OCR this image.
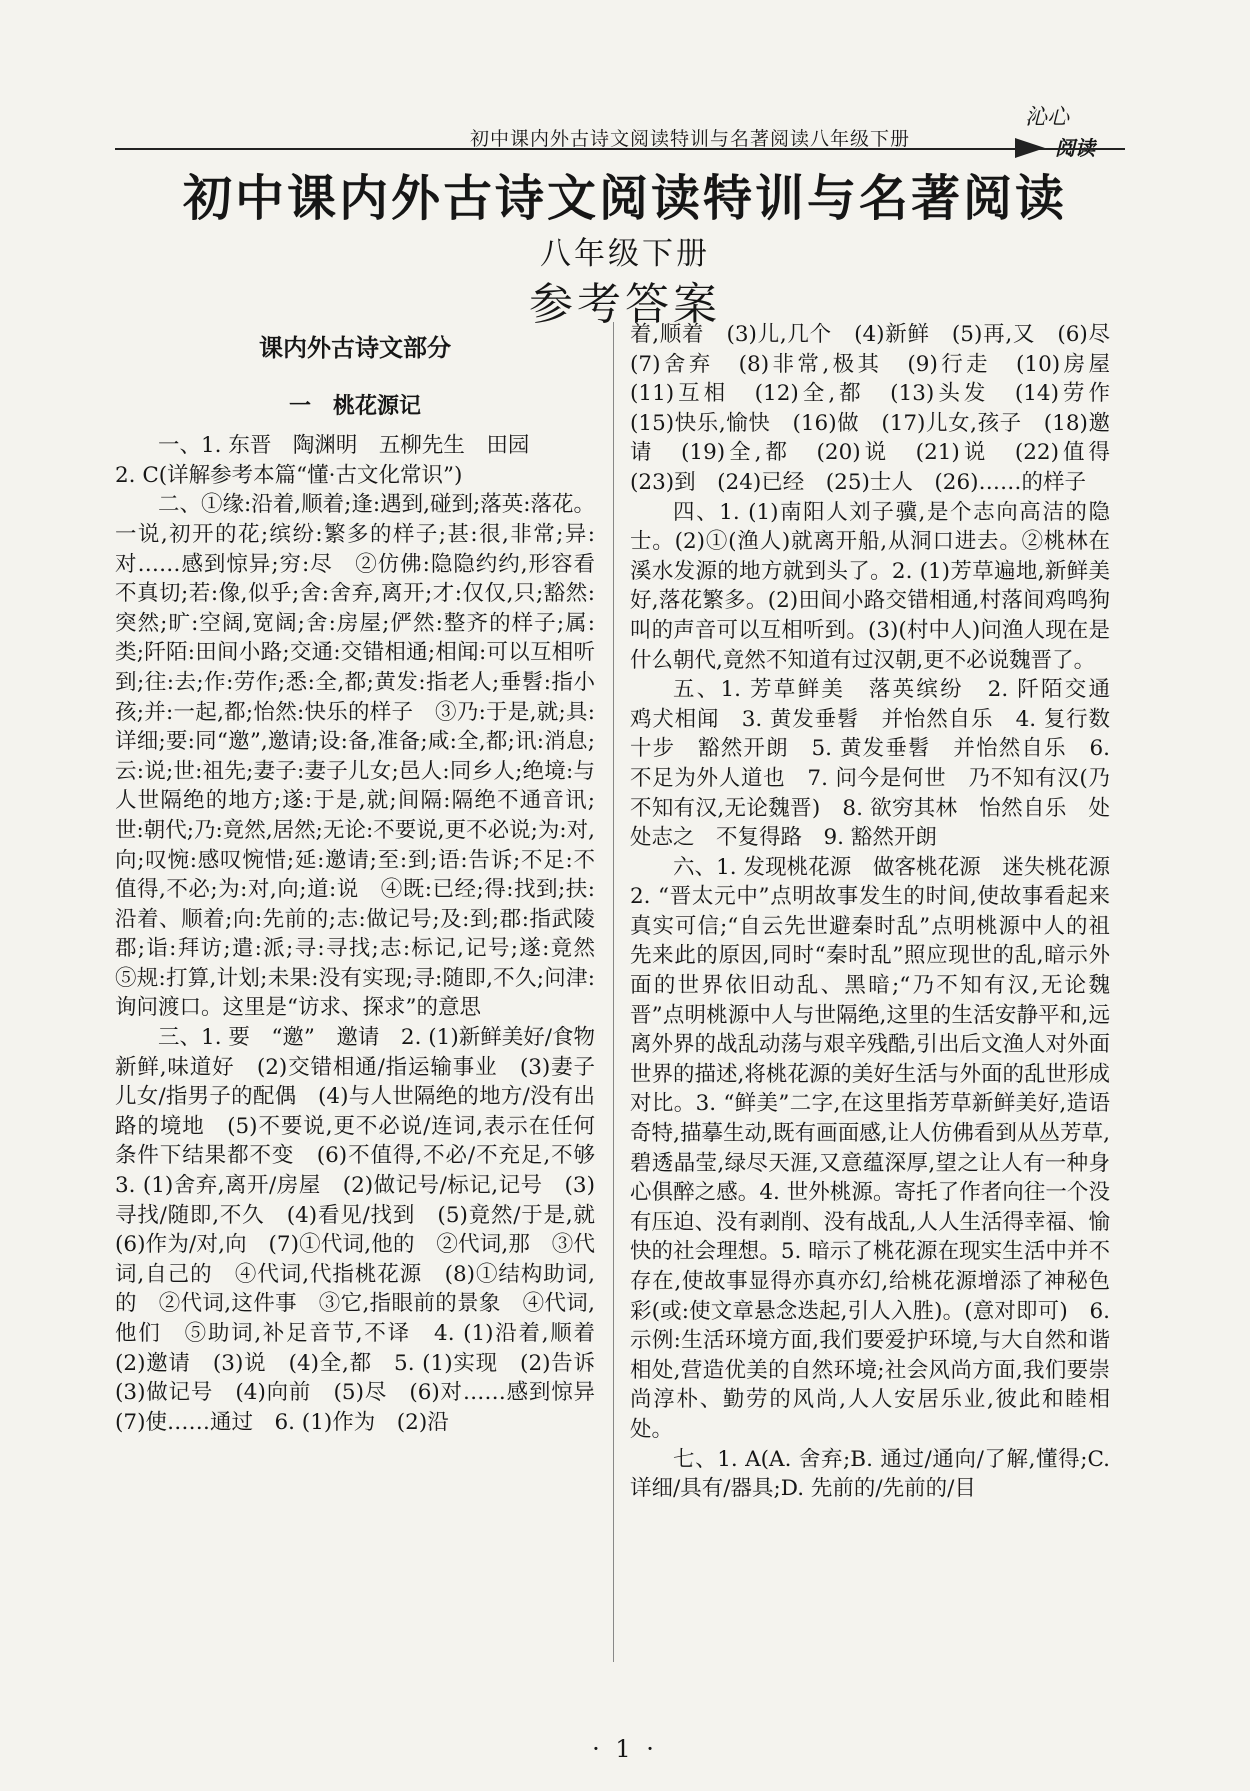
初中课内外古诗文阅读特训与名著阅读八年级下册
沁心
阅读
初中课内外古诗文阅读特训与名著阅读
八年级下册
参考答案

课内外古诗文部分

一　桃花源记

一、1. 东晋　陶渊明　五柳先生　田园

2. C(详解参考本篇“懂·古文化常识”)

二、①缘:沿着,顺着;逢:遇到,碰到;落英:落花。一说,初开的花;缤纷:繁多的样子;甚:很,非常;异:对……感到惊异;穷:尽　②仿佛:隐隐约约,形容看不真切;若:像,似乎;舍:舍弃,离开;才:仅仅,只;豁然:突然;旷:空阔,宽阔;舍:房屋;俨然:整齐的样子;属:类;阡陌:田间小路;交通:交错相通;相闻:可以互相听到;往:去;作:劳作;悉:全,都;黄发:指老人;垂髫:指小孩;并:一起,都;怡然:快乐的样子　③乃:于是,就;具:详细;要:同“邀”,邀请;设:备,准备;咸:全,都;讯:消息;云:说;世:祖先;妻子:妻子儿女;邑人:同乡人;绝境:与人世隔绝的地方;遂:于是,就;间隔:隔绝不通音讯;世:朝代;乃:竟然,居然;无论:不要说,更不必说;为:对,向;叹惋:感叹惋惜;延:邀请;至:到;语:告诉;不足:不值得,不必;为:对,向;道:说　④既:已经;得:找到;扶:沿着、顺着;向:先前的;志:做记号;及:到;郡:指武陵郡;诣:拜访;遣:派;寻:寻找;志:标记,记号;遂:竟然　⑤规:打算,计划;未果:没有实现;寻:随即,不久;问津:询问渡口。这里是“访求、探求”的意思

三、1. 要　“邀”　邀请　2. (1)新鲜美好/食物新鲜,味道好　(2)交错相通/指运输事业　(3)妻子儿女/指男子的配偶　(4)与人世隔绝的地方/没有出路的境地　(5)不要说,更不必说/连词,表示在任何条件下结果都不变　(6)不值得,不必/不充足,不够　3. (1)舍弃,离开/房屋　(2)做记号/标记,记号　(3)寻找/随即,不久　(4)看见/找到　(5)竟然/于是,就　(6)作为/对,向　(7)①代词,他的　②代词,那　③代词,自己的　④代词,代指桃花源　(8)①结构助词,的　②代词,这件事　③它,指眼前的景象　④代词,他们　⑤助词,补足音节,不译　4. (1)沿着,顺着　(2)邀请　(3)说　(4)全,都　5. (1)实现　(2)告诉　(3)做记号　(4)向前　(5)尽　(6)对……感到惊异　(7)使……通过　6. (1)作为　(2)沿

着,顺着　(3)儿,几个　(4)新鲜　(5)再,又　(6)尽　(7)舍弃　(8)非常,极其　(9)行走　(10)房屋　(11)互相　(12)全,都　(13)头发　(14)劳作　(15)快乐,愉快　(16)做　(17)儿女,孩子　(18)邀请　(19)全,都　(20)说　(21)说　(22)值得　(23)到　(24)已经　(25)士人　(26)……的样子

四、1. (1)南阳人刘子骥,是个志向高洁的隐士。(2)①(渔人)就离开船,从洞口进去。②桃林在溪水发源的地方就到头了。2. (1)芳草遍地,新鲜美好,落花繁多。(2)田间小路交错相通,村落间鸡鸣狗叫的声音可以互相听到。(3)(村中人)问渔人现在是什么朝代,竟然不知道有过汉朝,更不必说魏晋了。

五、1. 芳草鲜美　落英缤纷　2. 阡陌交通　鸡犬相闻　3. 黄发垂髫　并怡然自乐　4. 复行数十步　豁然开朗　5. 黄发垂髫　并怡然自乐　6. 不足为外人道也　7. 问今是何世　乃不知有汉(乃不知有汉,无论魏晋)　8. 欲穷其林　怡然自乐　处处志之　不复得路　9. 豁然开朗

六、1. 发现桃花源　做客桃花源　迷失桃花源　2. “晋太元中”点明故事发生的时间,使故事看起来真实可信;“自云先世避秦时乱”点明桃源中人的祖先来此的原因,同时“秦时乱”照应现世的乱,暗示外面的世界依旧动乱、黑暗;“乃不知有汉,无论魏晋”点明桃源中人与世隔绝,这里的生活安静平和,远离外界的战乱动荡与艰辛残酷,引出后文渔人对外面世界的描述,将桃花源的美好生活与外面的乱世形成对比。3. “鲜美”二字,在这里指芳草新鲜美好,造语奇特,描摹生动,既有画面感,让人仿佛看到从丛芳草,碧透晶莹,绿尽天涯,又意蕴深厚,望之让人有一种身心俱醉之感。4. 世外桃源。寄托了作者向往一个没有压迫、没有剥削、没有战乱,人人生活得幸福、愉快的社会理想。5. 暗示了桃花源在现实生活中并不存在,使故事显得亦真亦幻,给桃花源增添了神秘色彩(或:使文章悬念迭起,引人入胜)。(意对即可)　6. 示例:生活环境方面,我们要爱护环境,与大自然和谐相处,营造优美的自然环境;社会风尚方面,我们要崇尚淳朴、勤劳的风尚,人人安居乐业,彼此和睦相处。

七、1. A(A. 舍弃;B. 通过/通向/了解,懂得;C. 详细/具有/器具;D. 先前的/先前的/目

· 1 ·
